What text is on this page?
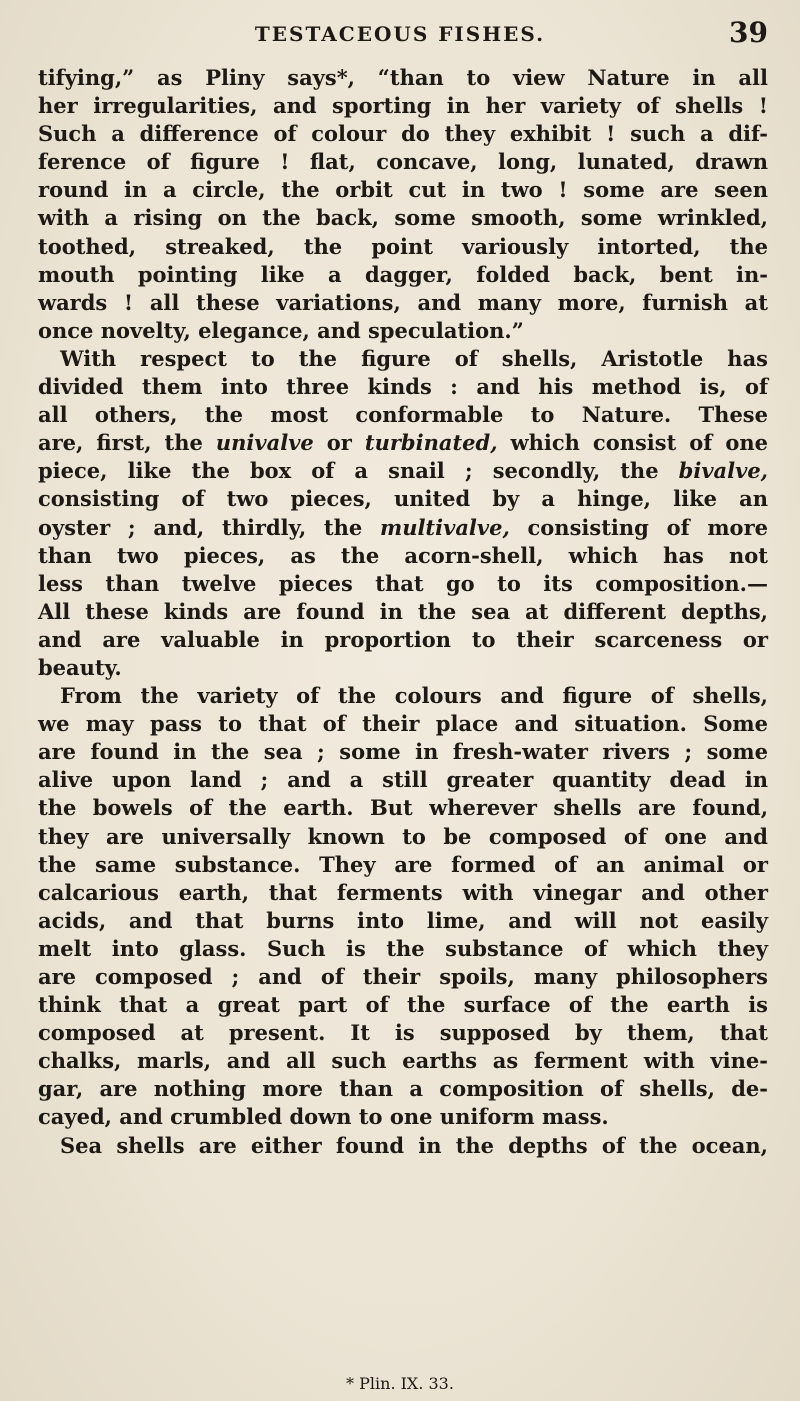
TESTACEOUS FISHES.	39
tifying,” as Pliny says*, “than to view Nature in all
her irregularities, and sporting in her variety of shells !
Such a difference of colour do they exhibit ! such a dif-
ference of figure ! flat, concave, long, lunated, drawn
round in a circle, the orbit cut in two ! some are seen
with a rising on the back, some smooth, some wrinkled,
toothed, streaked, the point variously intorted, the
mouth pointing like a dagger, folded back, bent in-
wards ! all these variations, and many more, furnish at
once novelty, elegance, and speculation.”
With respect to the figure of shells, Aristotle has
divided them into three kinds : and his method is, of
all others, the most conformable to Nature. These
are, first, the univalve or turbinated, which consist of one
piece, like the box of a snail ; secondly, the bivalve,
consisting of two pieces, united by a hinge, like an
oyster ; and, thirdly, the multivalve, consisting of more
than two pieces, as the acorn-shell, which has not
less than twelve pieces that go to its composition.—
All these kinds are found in the sea at different depths,
and are valuable in proportion to their scarceness or
beauty.
From the variety of the colours and figure of shells,
we may pass to that of their place and situation. Some
are found in the sea ; some in fresh-water rivers ; some
alive upon land ; and a still greater quantity dead in
the bowels of the earth. But wherever shells are found,
they are universally known to be composed of one and
the same substance. They are formed of an animal or
calcarious earth, that ferments with vinegar and other
acids, and that burns into lime, and will not easily
melt into glass. Such is the substance of which they
are composed ; and of their spoils, many philosophers
think that a great part of the surface of the earth is
composed at present. It is supposed by them, that
chalks, marls, and all such earths as ferment with vine-
gar, are nothing more than a composition of shells, de-
cayed, and crumbled down to one uniform mass.
Sea shells are either found in the depths of the ocean,
* Plin. IX. 33.
